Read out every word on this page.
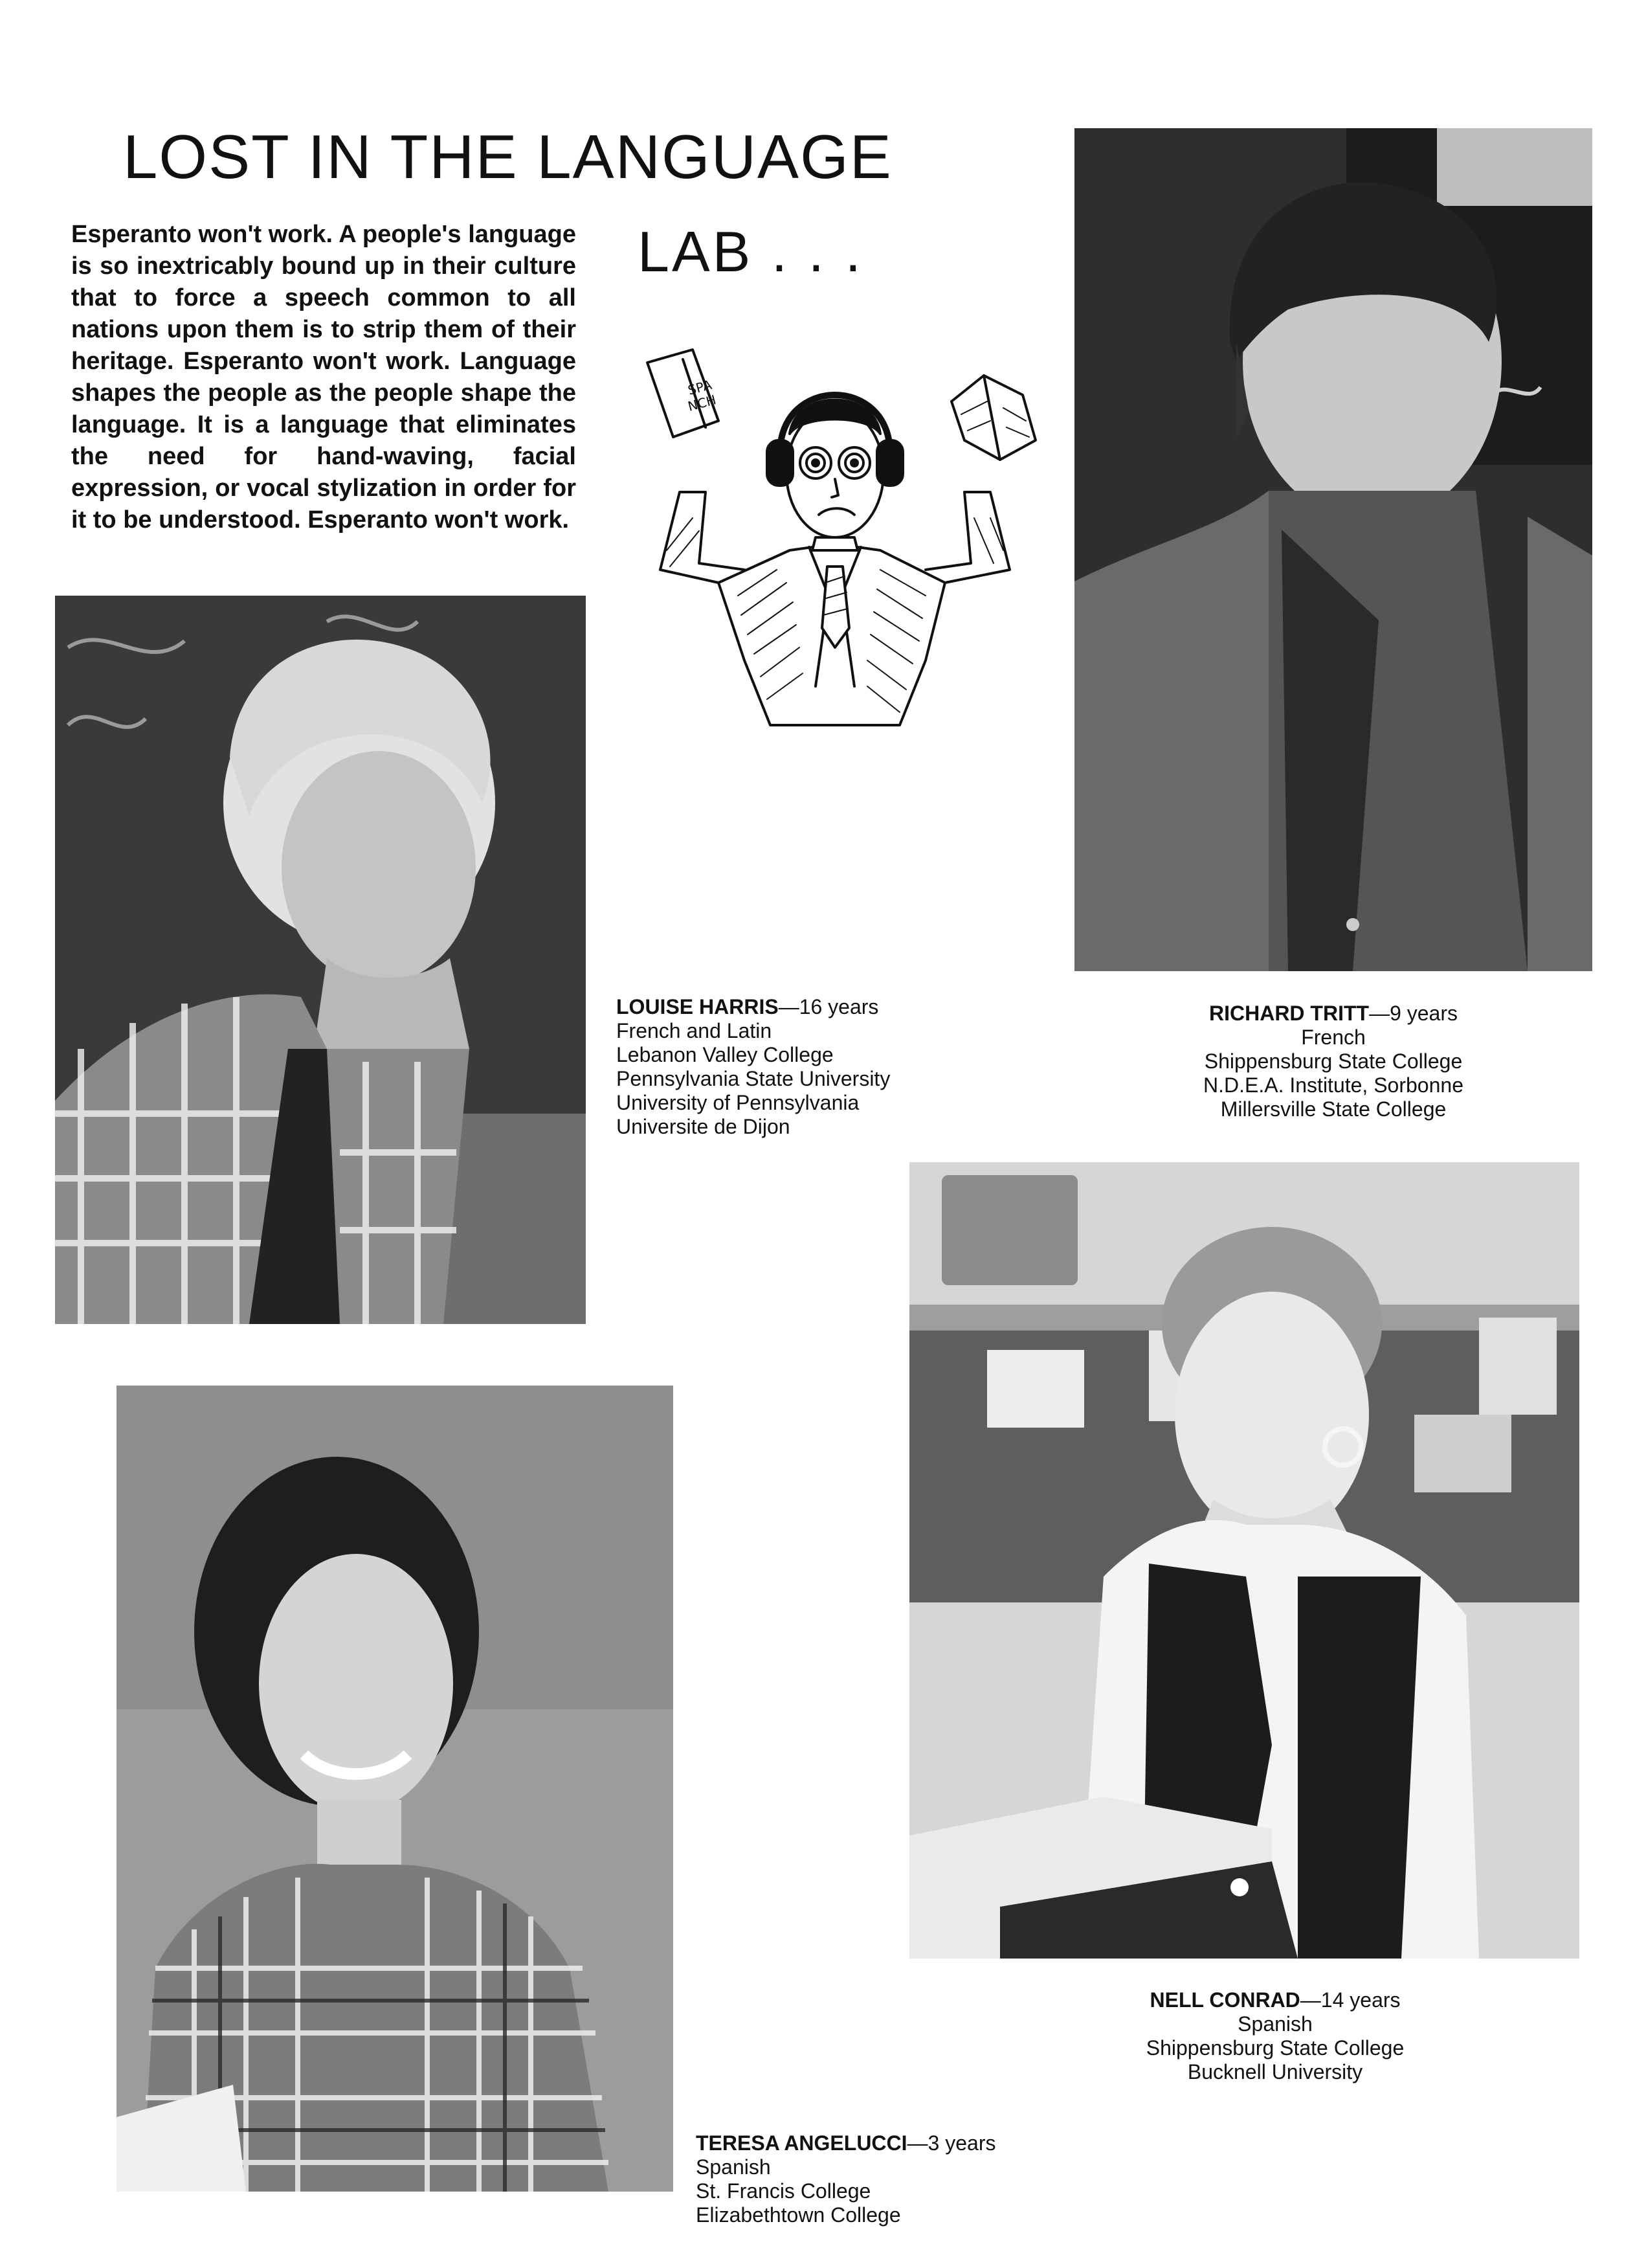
LOST IN THE LANGUAGE
LAB . . .

Esperanto won't work. A people's language is so inextricably bound up in their culture that to force a speech common to all nations upon them is to strip them of their heritage. Esperanto won't work. Language shapes the people as the people shape the language. It is a language that eliminates the need for hand-waving, facial expression, or vocal stylization in order for it to be understood. Esperanto won't work.

SPA
NCH
LOUISE HARRIS—16 years
French and Latin
Lebanon Valley College
Pennsylvania State University
University of Pennsylvania
Universite de Dijon
RICHARD TRITT—9 years
French
Shippensburg State College
N.D.E.A. Institute, Sorbonne
Millersville State College
NELL CONRAD—14 years
Spanish
Shippensburg State College
Bucknell University
TERESA ANGELUCCI—3 years
Spanish
St. Francis College
Elizabethtown College
